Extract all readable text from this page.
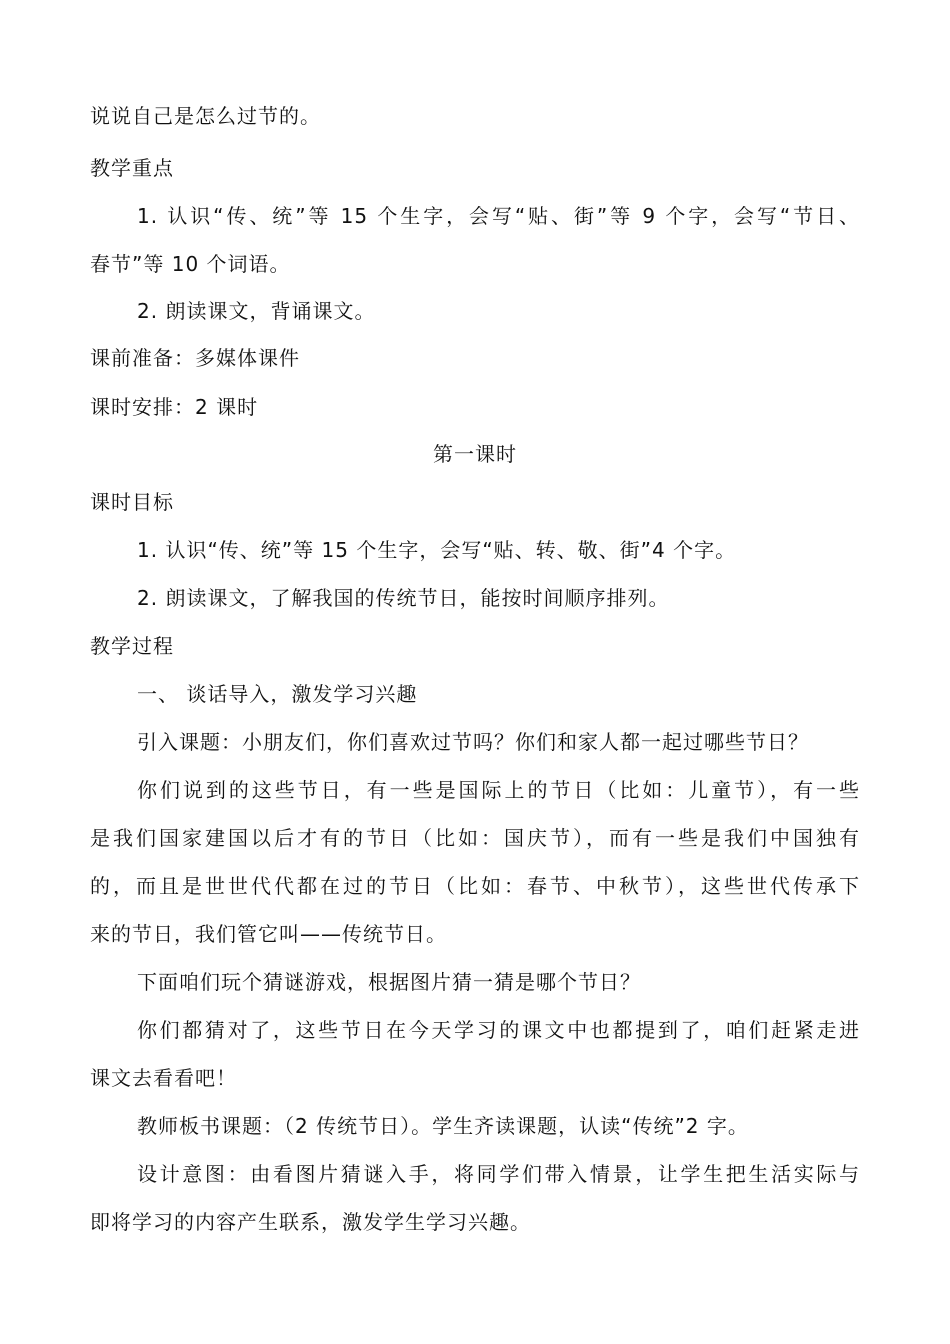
说说自己是怎么过节的。
教学重点
1. 认识“传、统”等 15 个生字，会写“贴、街”等 9 个字，会写“节日、
春节”等 10 个词语。
2. 朗读课文，背诵课文。
课前准备：多媒体课件
课时安排：2 课时
第一课时
课时目标
1. 认识“传、统”等 15 个生字，会写“贴、转、敬、街”4 个字。
2. 朗读课文，了解我国的传统节日，能按时间顺序排列。
教学过程
一、 谈话导入，激发学习兴趣
引入课题：小朋友们，你们喜欢过节吗？你们和家人都一起过哪些节日？
你们说到的这些节日，有一些是国际上的节日（比如：儿童节），有一些
是我们国家建国以后才有的节日（比如：国庆节），而有一些是我们中国独有
的，而且是世世代代都在过的节日（比如：春节、中秋节），这些世代传承下
来的节日，我们管它叫——传统节日。
下面咱们玩个猜谜游戏，根据图片猜一猜是哪个节日？
你们都猜对了，这些节日在今天学习的课文中也都提到了，咱们赶紧走进
课文去看看吧！
教师板书课题：（2 传统节日）。学生齐读课题，认读“传统”2 字。
设计意图：由看图片猜谜入手，将同学们带入情景，让学生把生活实际与
即将学习的内容产生联系，激发学生学习兴趣。
